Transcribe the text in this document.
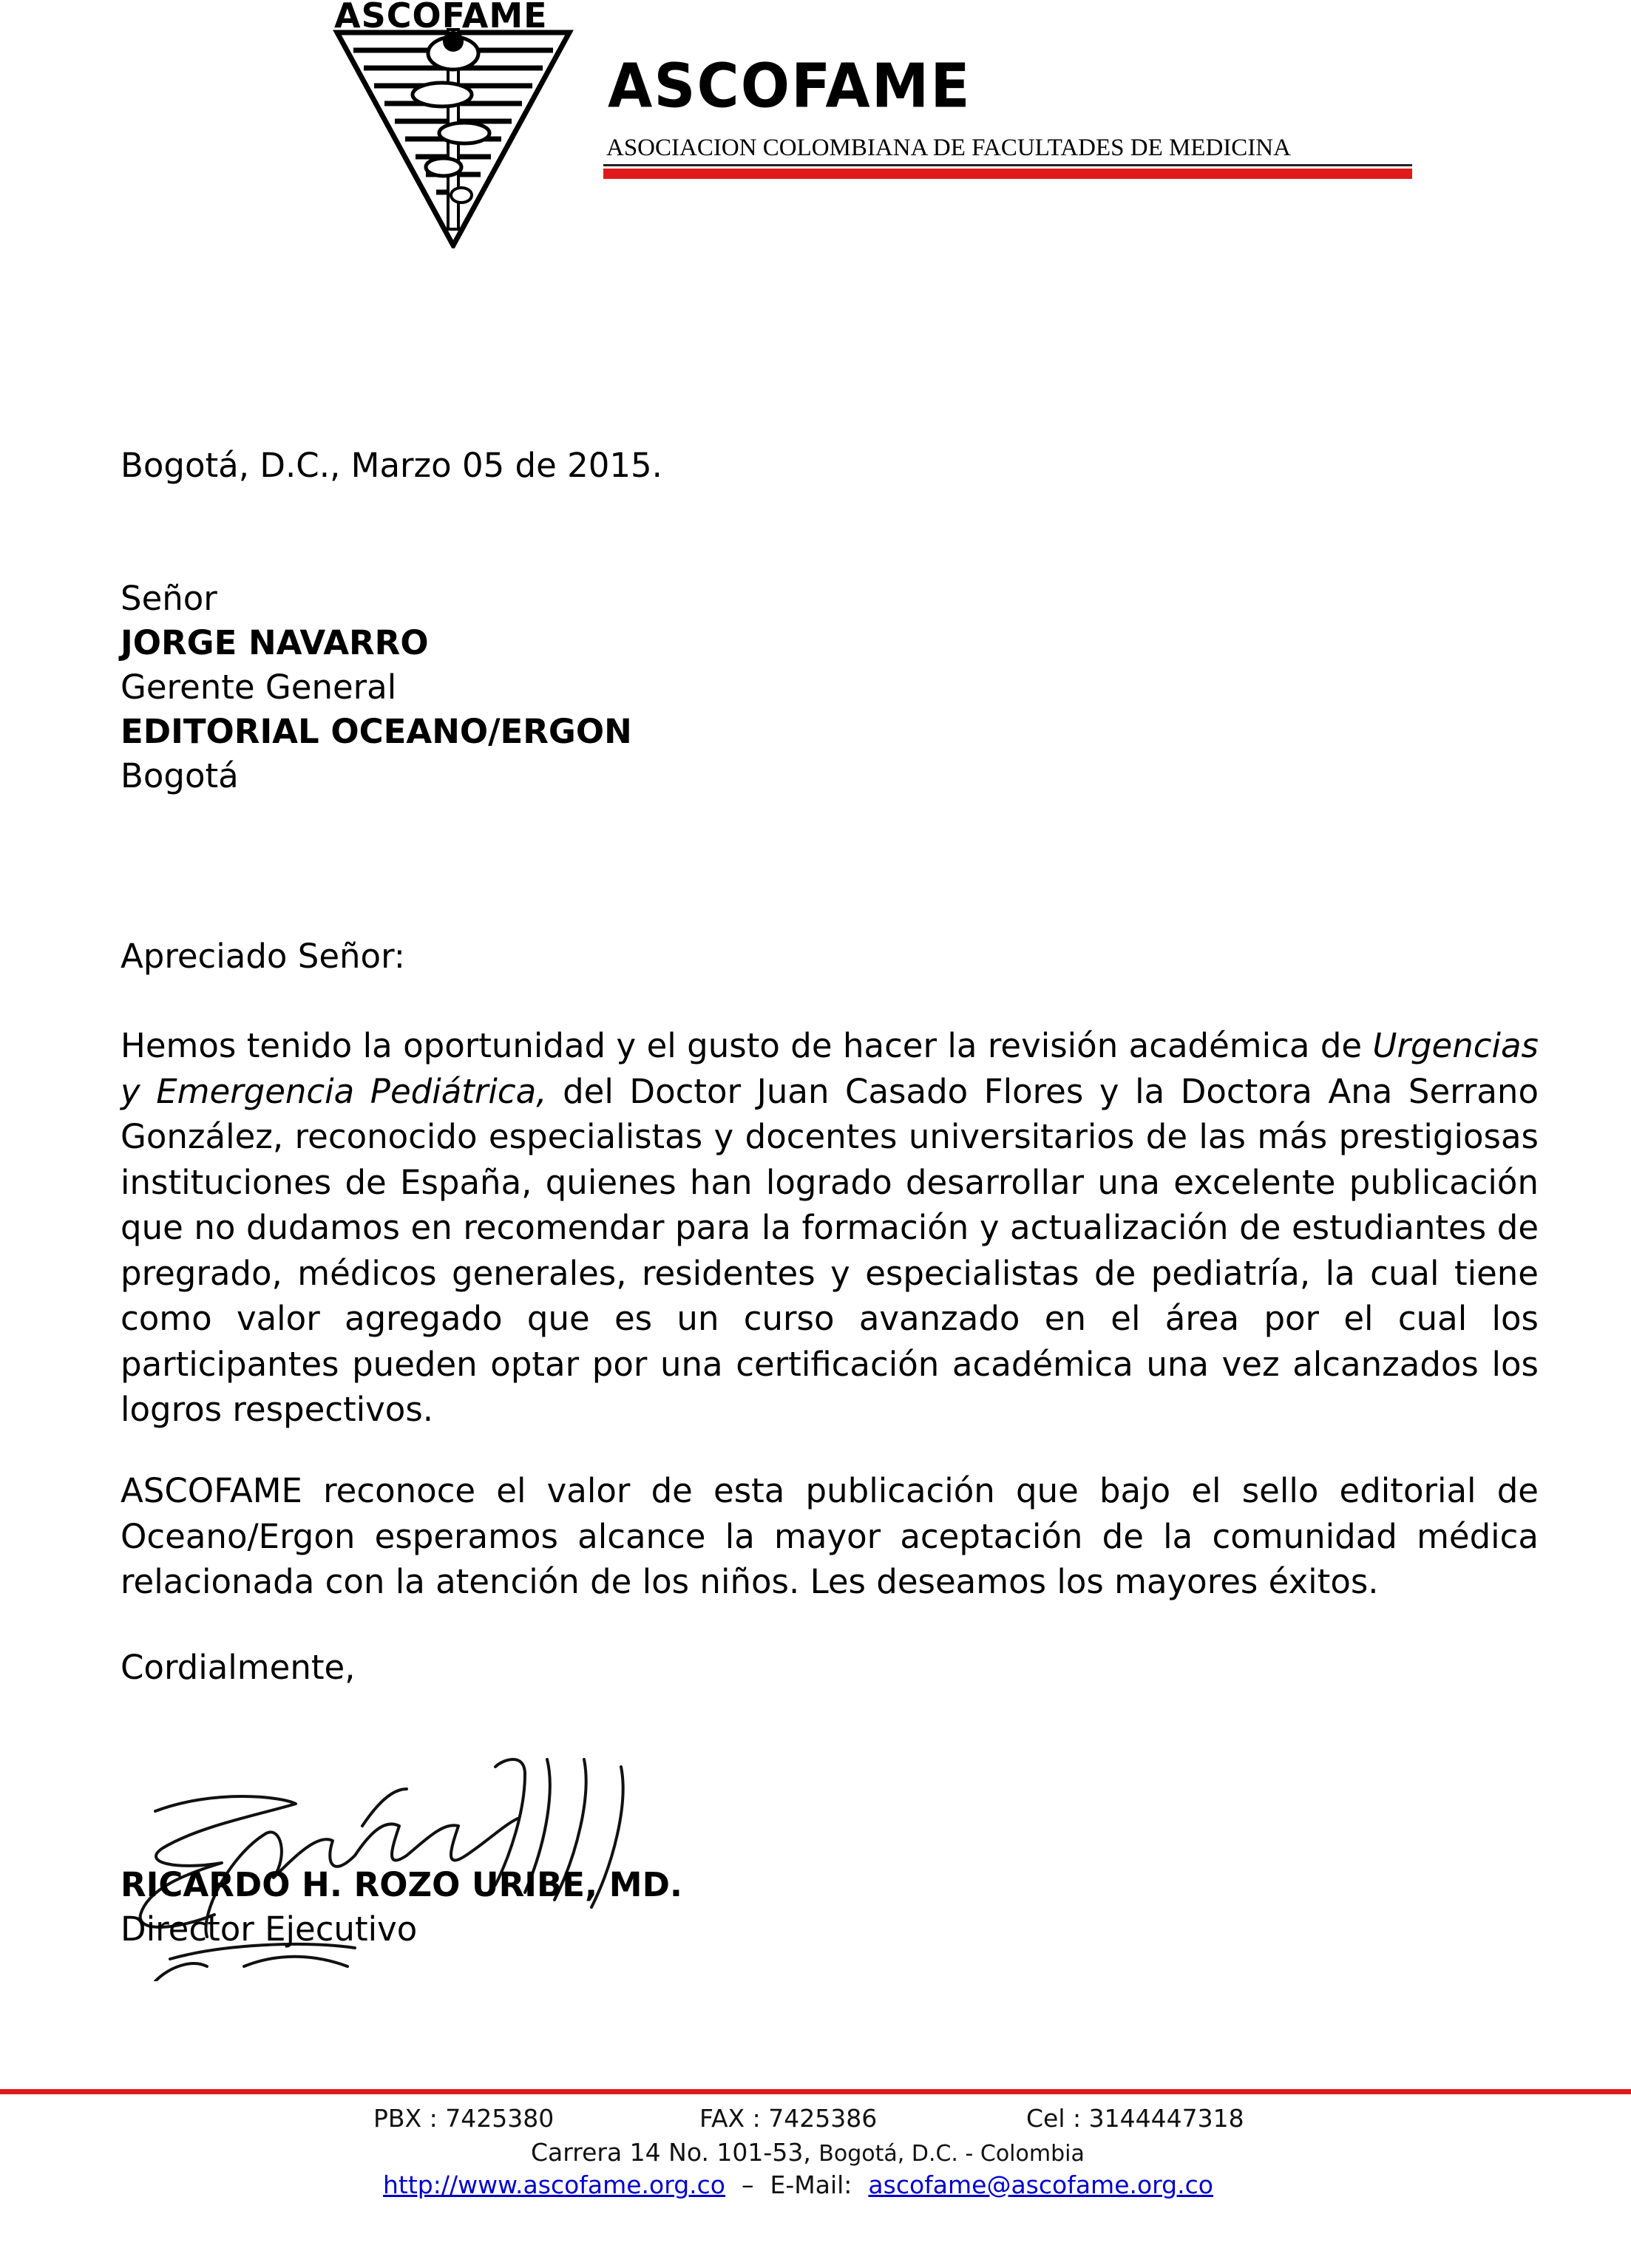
ASCOFAME
ASCOFAME
ASOCIACION COLOMBIANA DE FACULTADES DE MEDICINA
Bogotá, D.C., Marzo 05 de 2015.
Señor
JORGE NAVARRO
Gerente General
EDITORIAL OCEANO/ERGON
Bogotá
Apreciado Señor:
Hemos tenido la oportunidad y el gusto de hacer la revisión académica de Urgencias y Emergencia Pediátrica, del Doctor Juan Casado Flores y la Doctora Ana Serrano González, reconocido especialistas y docentes universitarios de las más prestigiosas instituciones de España, quienes han logrado desarrollar una excelente publicación que no dudamos en recomendar para la formación y actualización de estudiantes de pregrado, médicos generales, residentes y especialistas de pediatría, la cual tiene como valor agregado que es un curso avanzado en el área por el cual los participantes pueden optar por una certificación académica una vez alcanzados los logros respectivos.
ASCOFAME reconoce el valor de esta publicación que bajo el sello editorial de Oceano/Ergon esperamos alcance la mayor aceptación de la comunidad médica relacionada con la atención de los niños. Les deseamos los mayores éxitos.
Cordialmente,
RICARDO H. ROZO URIBE, MD.
Director Ejecutivo
PBX : 7425380	FAX : 7425386	Cel : 3144447318
Carrera 14 No. 101-53, Bogotá, D.C. - Colombia
http://www.ascofame.org.co – E-Mail: ascofame@ascofame.org.co
